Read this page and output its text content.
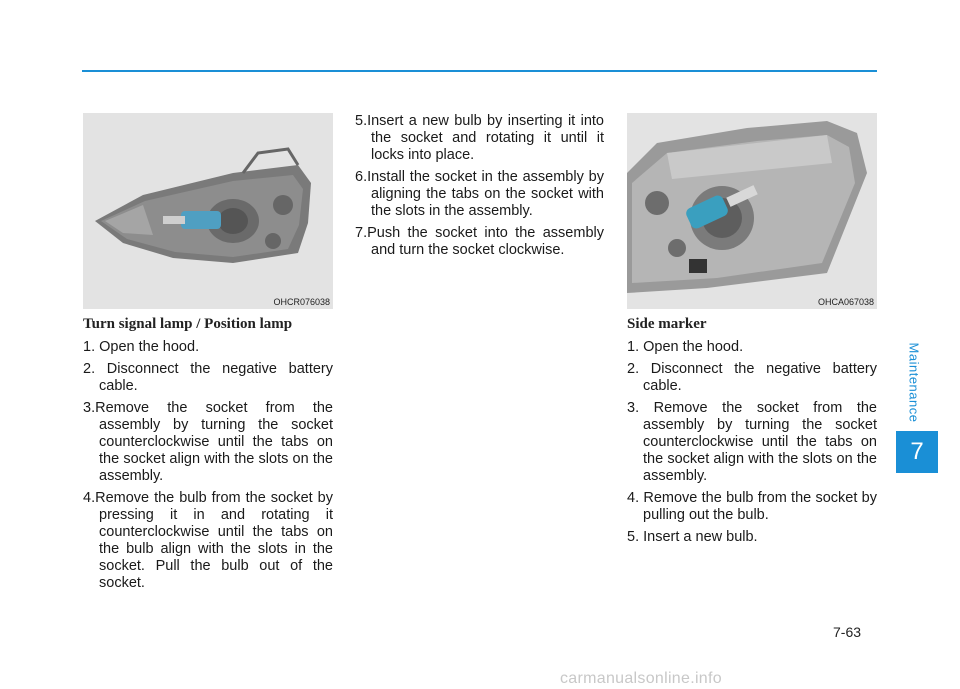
Maintenance
7
OHCR076038	OHCA067038
Turn signal lamp / Position lamp
1. Open the hood.
2. Disconnect the negative battery cable.
3.Remove the socket from the assembly by turning the socket counterclockwise until the tabs on the socket align with the slots on the assembly.
4.Remove the bulb from the socket by pressing it in and rotating it counterclockwise until the tabs on the bulb align with the slots in the socket. Pull the bulb out of the socket.
5.Insert a new bulb by inserting it into the socket and rotating it until it locks into place.
6.Install the socket in the assembly by aligning the tabs on the socket with the slots in the assembly.
7.Push the socket into the assembly and turn the socket clockwise.
Side marker
1. Open the hood.
2. Disconnect the negative battery cable.
3. Remove the socket from the assembly by turning the socket counterclockwise until the tabs on the socket align with the slots on the assembly.
4. Remove the bulb from the socket by pulling out the bulb.
5. Insert a new bulb.
7-63
carmanualsonline.info
